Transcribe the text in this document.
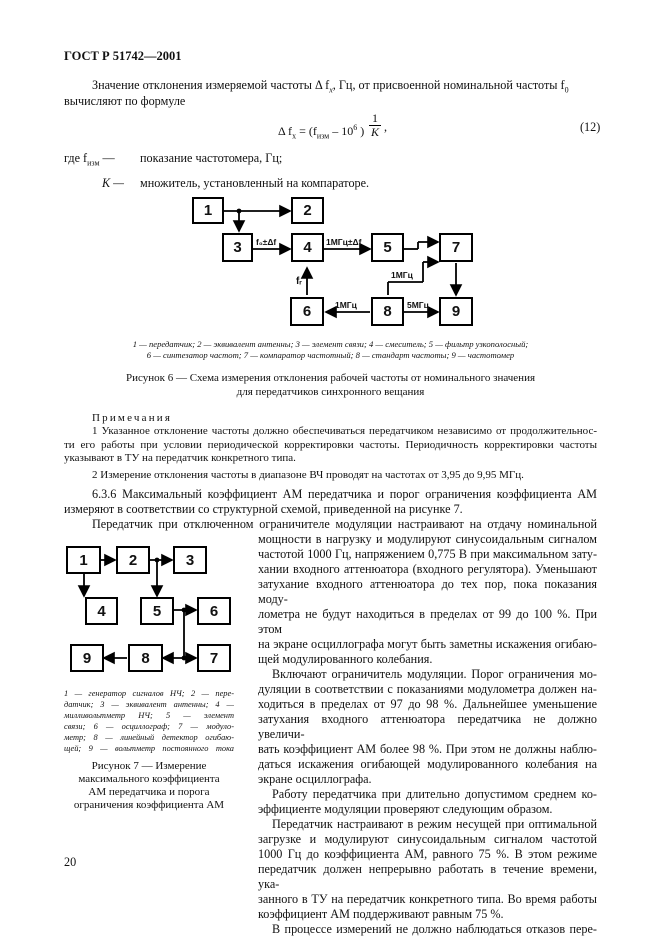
ГОСТ Р 51742—2001
Значение отклонения измеряемой частоты Δ $f_x$, Гц, от присвоенной номинальной частоты $f_0$
вычисляют по формуле
Δ $f_x = (f_{изм} - 10^6$ ) $\frac{1}{K}$ ,	(12)
где $f_{изм}$ — показание частотомера, Гц;
K — множитель, установленный на компараторе.
1	2
3	4	5	7
6	8	9
f₀±Δf	1МГц±Δf
1МГц
fᵣ
1МГц	5МГц
1 — передатчик; 2 — эквивалент антенны; 3 — элемент связи; 4 — смеситель; 5 — фильтр узкополосный;
6 — синтезатор частот; 7 — компаратор частотный; 8 — стандарт частоты; 9 — частотомер
Рисунок 6 — Схема измерения отклонения рабочей частоты от номинального значения
для передатчиков синхронного вещания
Примечания
1 Указанное отклонение частоты должно обеспечиваться передатчиком независимо от продолжительнос-
ти его работы при условии периодической корректировки частоты. Периодичность корректировки частоты
указывают в ТУ на передатчик конкретного типа.
2 Измерение отклонения частоты в диапазоне ВЧ проводят на частотах от 3,95 до 9,95 МГц.
6.3.6 Максимальный коэффициент АМ передатчика и порог ограничения коэффициента АМ
измеряют в соответствии со структурной схемой, приведенной на рисунке 7.
Передатчик при отключенном ограничителе модуляции настраивают на отдачу номинальной
мощности в нагрузку и модулируют синусоидальным сигналом
частотой 1000 Гц, напряжением 0,775 В при максимальном зату-
хании входного аттенюатора (входного регулятора). Уменьшают
затухание входного аттенюатора до тех пор, пока показания моду-
лометра не будут находиться в пределах от 99 до 100 %. При этом
на экране осциллографа могут быть заметны искажения огибаю-
щей модулированного колебания.
Включают ограничитель модуляции. Порог ограничения мо-
дуляции в соответствии с показаниями модулометра должен на-
ходиться в пределах от 97 до 98 %. Дальнейшее уменьшение
затухания входного аттенюатора передатчика не должно увеличи-
вать коэффициент АМ более 98 %. При этом не должны наблю-
даться искажения огибающей модулированного колебания на
экране осциллографа.
Работу передатчика при длительно допустимом среднем ко-
эффициенте модуляции проверяют следующим образом.
Передатчик настраивают в режим несущей при оптимальной
загрузке и модулируют синусоидальным сигналом частотой
1000 Гц до коэффициента АМ, равного 75 %. В этом режиме
передатчик должен непрерывно работать в течение времени, ука-
занного в ТУ на передатчик конкретного типа. Во время работы
коэффициент АМ поддерживают равным 75 %.
В процессе измерений не должно наблюдаться отказов пере-
1	2	3
4	5	6
9	8	7
1 — генератор сигналов НЧ; 2 — пере-
датчик; 3 — эквивалент антенны; 4 —
милливольтметр НЧ; 5 — элемент
связи; 6 — осциллограф; 7 — модуло-
метр; 8 — линейный детектор огибаю-
щей; 9 — вольтметр постоянного тока
Рисунок 7 — Измерение
максимального коэффициента
АМ передатчика и порога
ограничения коэффициента АМ
20
